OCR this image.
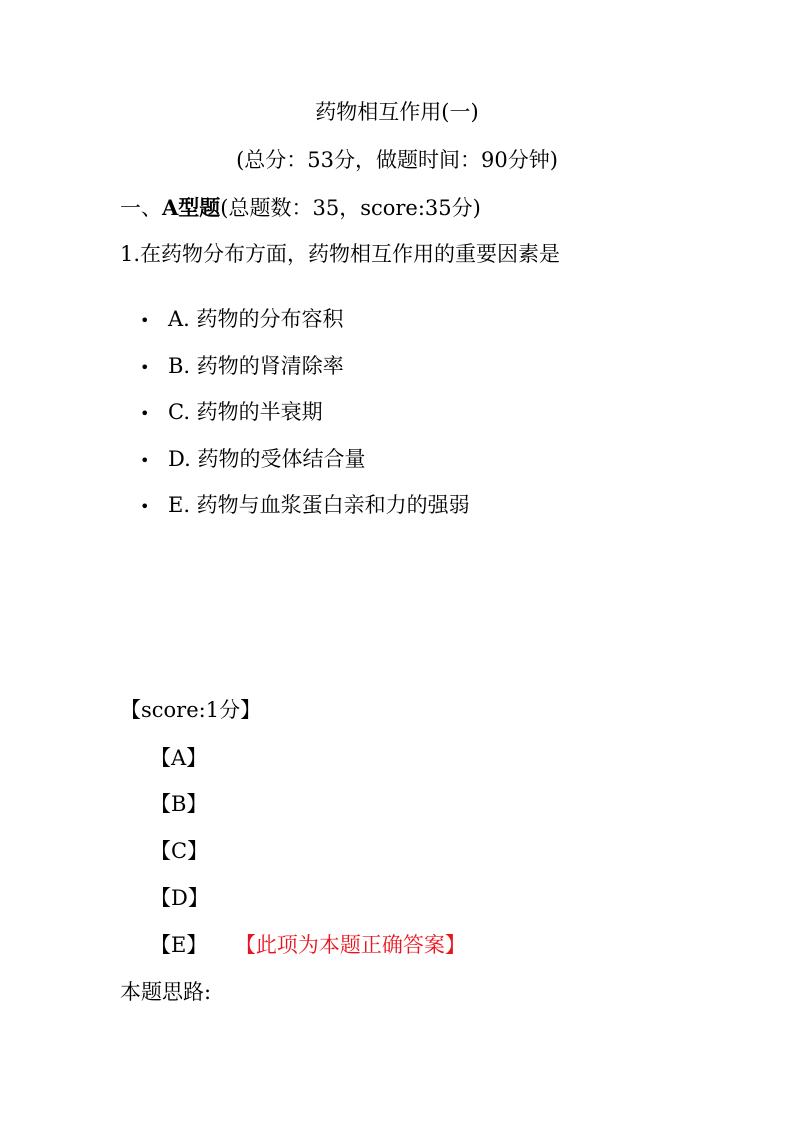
药物相互作用(一)
(总分：53分，做题时间：90分钟)
一、A型题(总题数：35，score:35分)
1.在药物分布方面，药物相互作用的重要因素是
• A. 药物的分布容积
• B. 药物的肾清除率
• C. 药物的半衰期
• D. 药物的受体结合量
• E. 药物与血浆蛋白亲和力的强弱
【score:1分】
【A】
【B】
【C】
【D】
【E】 【此项为本题正确答案】
本题思路:
